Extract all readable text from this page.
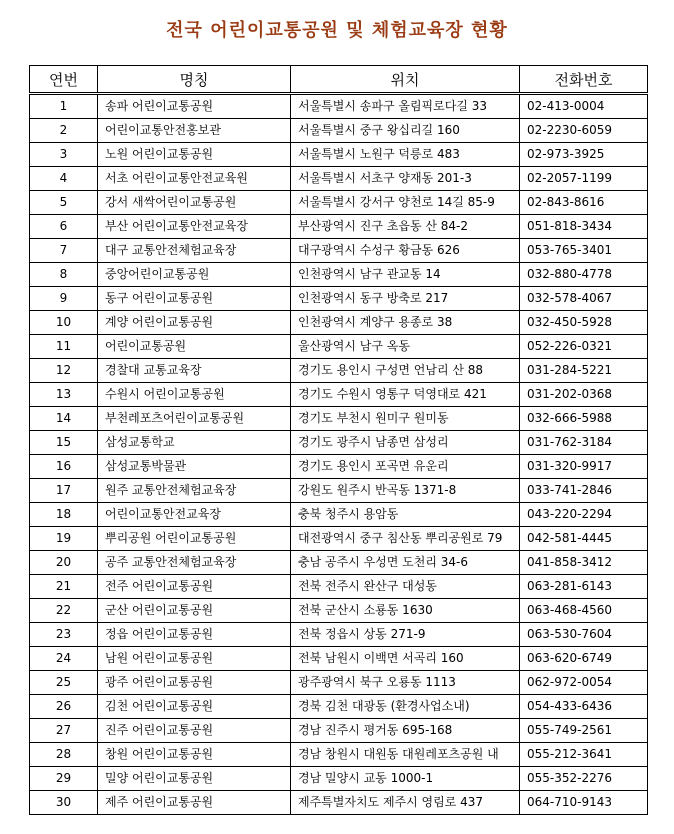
전국 어린이교통공원 및 체험교육장 현황
연번	명칭	위치	전화번호
1	송파 어린이교통공원	서울특별시 송파구 올림픽로다길 33	02-413-0004
2	어린이교통안전홍보관	서울특별시 중구 왕십리길 160	02-2230-6059
3	노원 어린이교통공원	서울특별시 노원구 덕릉로 483	02-973-3925
4	서초 어린이교통안전교육원	서울특별시 서초구 양재동 201-3	02-2057-1199
5	강서 새싹어린이교통공원	서울특별시 강서구 양천로 14길 85-9	02-843-8616
6	부산 어린이교통안전교육장	부산광역시 진구 초읍동 산 84-2	051-818-3434
7	대구 교통안전체험교육장	대구광역시 수성구 황금동 626	053-765-3401
8	중앙어린이교통공원	인천광역시 남구 관교동 14	032-880-4778
9	동구 어린이교통공원	인천광역시 동구 방축로 217	032-578-4067
10	계양 어린이교통공원	인천광역시 계양구 용종로 38	032-450-5928
11	어린이교통공원	울산광역시 남구 옥동	052-226-0321
12	경찰대 교통교육장	경기도 용인시 구성면 언남리 산 88	031-284-5221
13	수원시 어린이교통공원	경기도 수원시 영통구 덕영대로 421	031-202-0368
14	부천레포츠어린이교통공원	경기도 부천시 원미구 원미동	032-666-5988
15	삼성교통학교	경기도 광주시 남종면 삼성리	031-762-3184
16	삼성교통박물관	경기도 용인시 포곡면 유운리	031-320-9917
17	원주 교통안전체험교육장	강원도 원주시 반곡동 1371-8	033-741-2846
18	어린이교통안전교육장	충북 청주시 용암동	043-220-2294
19	뿌리공원 어린이교통공원	대전광역시 중구 침산동 뿌리공원로 79	042-581-4445
20	공주 교통안전체험교육장	충남 공주시 우성면 도천리 34-6	041-858-3412
21	전주 어린이교통공원	전북 전주시 완산구 대성동	063-281-6143
22	군산 어린이교통공원	전북 군산시 소룡동 1630	063-468-4560
23	정읍 어린이교통공원	전북 정읍시 상동 271-9	063-530-7604
24	남원 어린이교통공원	전북 남원시 이백면 서곡리 160	063-620-6749
25	광주 어린이교통공원	광주광역시 북구 오룡동 1113	062-972-0054
26	김천 어린이교통공원	경북 김천 대광동 (환경사업소내)	054-433-6436
27	진주 어린이교통공원	경남 진주시 평거동 695-168	055-749-2561
28	창원 어린이교통공원	경남 창원시 대원동 대원레포츠공원 내	055-212-3641
29	밀양 어린이교통공원	경남 밀양시 교동 1000-1	055-352-2276
30	제주 어린이교통공원	제주특별자치도 제주시 영림로 437	064-710-9143
